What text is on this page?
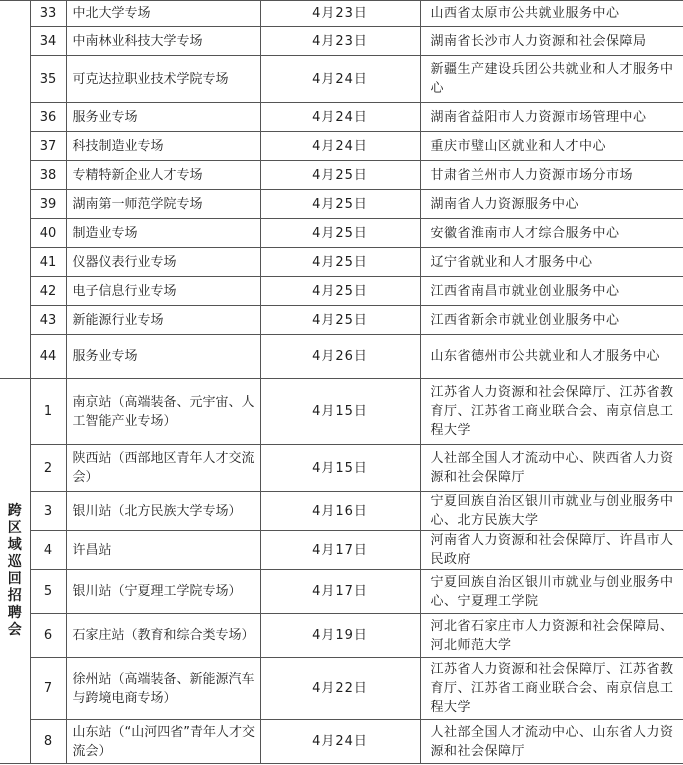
	33	中北大学专场	4月23日	山西省太原市公共就业服务中心
	34	中南林业科技大学专场	4月23日	湖南省长沙市人力资源和社会保障局
	35	可克达拉职业技术学院专场	4月24日	新疆生产建设兵团公共就业和人才服务中心
	36	服务业专场	4月24日	湖南省益阳市人力资源市场管理中心
	37	科技制造业专场	4月24日	重庆市璧山区就业和人才中心
	38	专精特新企业人才专场	4月25日	甘肃省兰州市人力资源市场分市场
	39	湖南第一师范学院专场	4月25日	湖南省人力资源服务中心
	40	制造业专场	4月25日	安徽省淮南市人才综合服务中心
	41	仪器仪表行业专场	4月25日	辽宁省就业和人才服务中心
	42	电子信息行业专场	4月25日	江西省南昌市就业创业服务中心
	43	新能源行业专场	4月25日	江西省新余市就业创业服务中心
	44	服务业专场	4月26日	山东省德州市公共就业和人才服务中心
跨区域巡回招聘会	1	南京站（高端装备、元宇宙、人工智能产业专场）	4月15日	江苏省人力资源和社会保障厅、江苏省教育厅、江苏省工商业联合会、南京信息工程大学
	2	陕西站（西部地区青年人才交流会）	4月15日	人社部全国人才流动中心、陕西省人力资源和社会保障厅
	3	银川站（北方民族大学专场）	4月16日	宁夏回族自治区银川市就业与创业服务中心、北方民族大学
	4	许昌站	4月17日	河南省人力资源和社会保障厅、许昌市人民政府
	5	银川站（宁夏理工学院专场）	4月17日	宁夏回族自治区银川市就业与创业服务中心、宁夏理工学院
	6	石家庄站（教育和综合类专场）	4月19日	河北省石家庄市人力资源和社会保障局、河北师范大学
	7	徐州站（高端装备、新能源汽车与跨境电商专场）	4月22日	江苏省人力资源和社会保障厅、江苏省教育厅、江苏省工商业联合会、南京信息工程大学
	8	山东站（“山河四省”青年人才交流会）	4月24日	人社部全国人才流动中心、山东省人力资源和社会保障厅
